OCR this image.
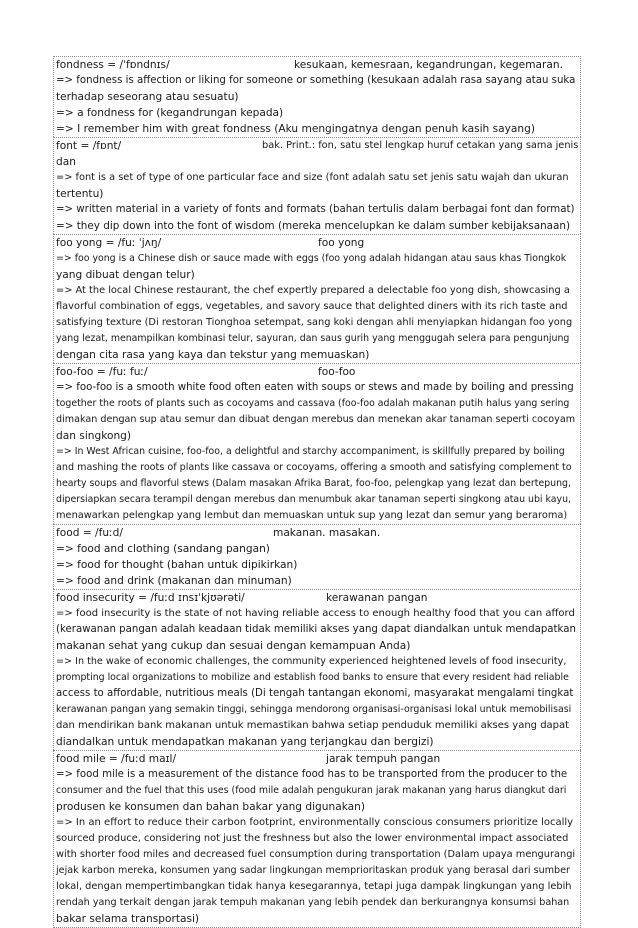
fondness = /ˈfɒndnɪs/	kesukaan, kemesraan, kegandrungan, kegemaran.
=> fondness is affection or liking for someone or something (kesukaan adalah rasa sayang atau suka
terhadap seseorang atau sesuatu)
=> a fondness for (kegandrungan kepada)
=> I remember him with great fondness (Aku mengingatnya dengan penuh kasih sayang)
font = /fɒnt/	bak. Print.: fon, satu stel lengkap huruf cetakan yang sama jenis
dan
=> font is a set of type of one particular face and size (font adalah satu set jenis satu wajah dan ukuran
tertentu)
=> written material in a variety of fonts and formats (bahan tertulis dalam berbagai font dan format)
=> they dip down into the font of wisdom (mereka mencelupkan ke dalam sumber kebijaksanaan)
foo yong = /fuː ˈjʌŋ/	foo yong
=> foo yong is a Chinese dish or sauce made with eggs (foo yong adalah hidangan atau saus khas Tiongkok
yang dibuat dengan telur)
=> At the local Chinese restaurant, the chef expertly prepared a delectable foo yong dish, showcasing a
flavorful combination of eggs, vegetables, and savory sauce that delighted diners with its rich taste and
satisfying texture (Di restoran Tionghoa setempat, sang koki dengan ahli menyiapkan hidangan foo yong
yang lezat, menampilkan kombinasi telur, sayuran, dan saus gurih yang menggugah selera para pengunjung
dengan cita rasa yang kaya dan tekstur yang memuaskan)
foo-foo = /fuː fuː/	foo-foo
=> foo-foo is a smooth white food often eaten with soups or stews and made by boiling and pressing
together the roots of plants such as cocoyams and cassava (foo-foo adalah makanan putih halus yang sering
dimakan dengan sup atau semur dan dibuat dengan merebus dan menekan akar tanaman seperti cocoyam
dan singkong)
=> In West African cuisine, foo-foo, a delightful and starchy accompaniment, is skillfully prepared by boiling
and mashing the roots of plants like cassava or cocoyams, offering a smooth and satisfying complement to
hearty soups and flavorful stews (Dalam masakan Afrika Barat, foo-foo, pelengkap yang lezat dan bertepung,
dipersiapkan secara terampil dengan merebus dan menumbuk akar tanaman seperti singkong atau ubi kayu,
menawarkan pelengkap yang lembut dan memuaskan untuk sup yang lezat dan semur yang beraroma)
food = /fuːd/	makanan. masakan.
=> food and clothing (sandang pangan)
=> food for thought (bahan untuk dipikirkan)
=> food and drink (makanan dan minuman)
food insecurity = /fuːd ɪnsɪˈkjʊərəti/	kerawanan pangan
=> food insecurity is the state of not having reliable access to enough healthy food that you can afford
(kerawanan pangan adalah keadaan tidak memiliki akses yang dapat diandalkan untuk mendapatkan
makanan sehat yang cukup dan sesuai dengan kemampuan Anda)
=> In the wake of economic challenges, the community experienced heightened levels of food insecurity,
prompting local organizations to mobilize and establish food banks to ensure that every resident had reliable
access to affordable, nutritious meals (Di tengah tantangan ekonomi, masyarakat mengalami tingkat
kerawanan pangan yang semakin tinggi, sehingga mendorong organisasi-organisasi lokal untuk memobilisasi
dan mendirikan bank makanan untuk memastikan bahwa setiap penduduk memiliki akses yang dapat
diandalkan untuk mendapatkan makanan yang terjangkau dan bergizi)
food mile = /fuːd maɪl/	jarak tempuh pangan
=> food mile is a measurement of the distance food has to be transported from the producer to the
consumer and the fuel that this uses (food mile adalah pengukuran jarak makanan yang harus diangkut dari
produsen ke konsumen dan bahan bakar yang digunakan)
=> In an effort to reduce their carbon footprint, environmentally conscious consumers prioritize locally
sourced produce, considering not just the freshness but also the lower environmental impact associated
with shorter food miles and decreased fuel consumption during transportation (Dalam upaya mengurangi
jejak karbon mereka, konsumen yang sadar lingkungan memprioritaskan produk yang berasal dari sumber
lokal, dengan mempertimbangkan tidak hanya kesegarannya, tetapi juga dampak lingkungan yang lebih
rendah yang terkait dengan jarak tempuh makanan yang lebih pendek dan berkurangnya konsumsi bahan
bakar selama transportasi)
